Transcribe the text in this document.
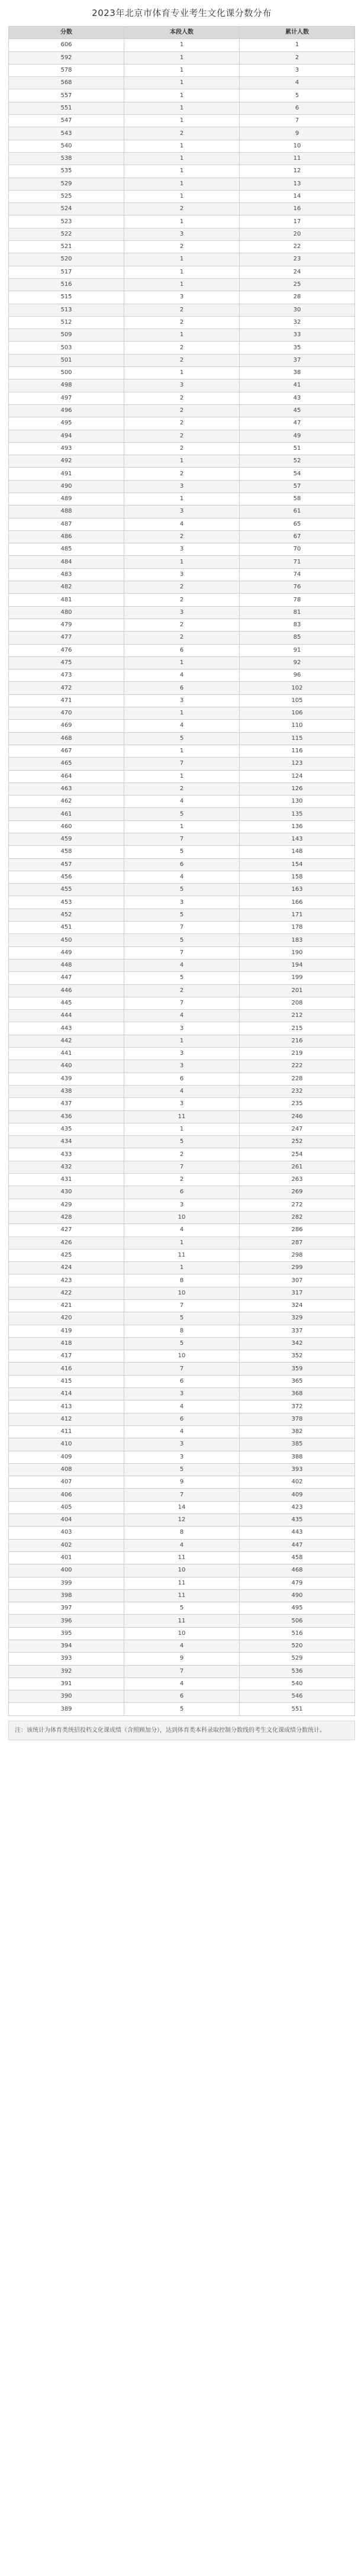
2023年北京市体育专业考生文化课分数分布
分数	本段人数	累计人数
606	1	1
592	1	2
578	1	3
568	1	4
557	1	5
551	1	6
547	1	7
543	2	9
540	1	10
538	1	11
535	1	12
529	1	13
525	1	14
524	2	16
523	1	17
522	3	20
521	2	22
520	1	23
517	1	24
516	1	25
515	3	28
513	2	30
512	2	32
509	1	33
503	2	35
501	2	37
500	1	38
498	3	41
497	2	43
496	2	45
495	2	47
494	2	49
493	2	51
492	1	52
491	2	54
490	3	57
489	1	58
488	3	61
487	4	65
486	2	67
485	3	70
484	1	71
483	3	74
482	2	76
481	2	78
480	3	81
479	2	83
477	2	85
476	6	91
475	1	92
473	4	96
472	6	102
471	3	105
470	1	106
469	4	110
468	5	115
467	1	116
465	7	123
464	1	124
463	2	126
462	4	130
461	5	135
460	1	136
459	7	143
458	5	148
457	6	154
456	4	158
455	5	163
453	3	166
452	5	171
451	7	178
450	5	183
449	7	190
448	4	194
447	5	199
446	2	201
445	7	208
444	4	212
443	3	215
442	1	216
441	3	219
440	3	222
439	6	228
438	4	232
437	3	235
436	11	246
435	1	247
434	5	252
433	2	254
432	7	261
431	2	263
430	6	269
429	3	272
428	10	282
427	4	286
426	1	287
425	11	298
424	1	299
423	8	307
422	10	317
421	7	324
420	5	329
419	8	337
418	5	342
417	10	352
416	7	359
415	6	365
414	3	368
413	4	372
412	6	378
411	4	382
410	3	385
409	3	388
408	5	393
407	9	402
406	7	409
405	14	423
404	12	435
403	8	443
402	4	447
401	11	458
400	10	468
399	11	479
398	11	490
397	5	495
396	11	506
395	10	516
394	4	520
393	9	529
392	7	536
391	4	540
390	6	546
389	5	551
注：该统计为体育类统招投档文化课成绩（含照顾加分），达到体育类本科录取控制分数线的考生文化课成绩分数统计。
